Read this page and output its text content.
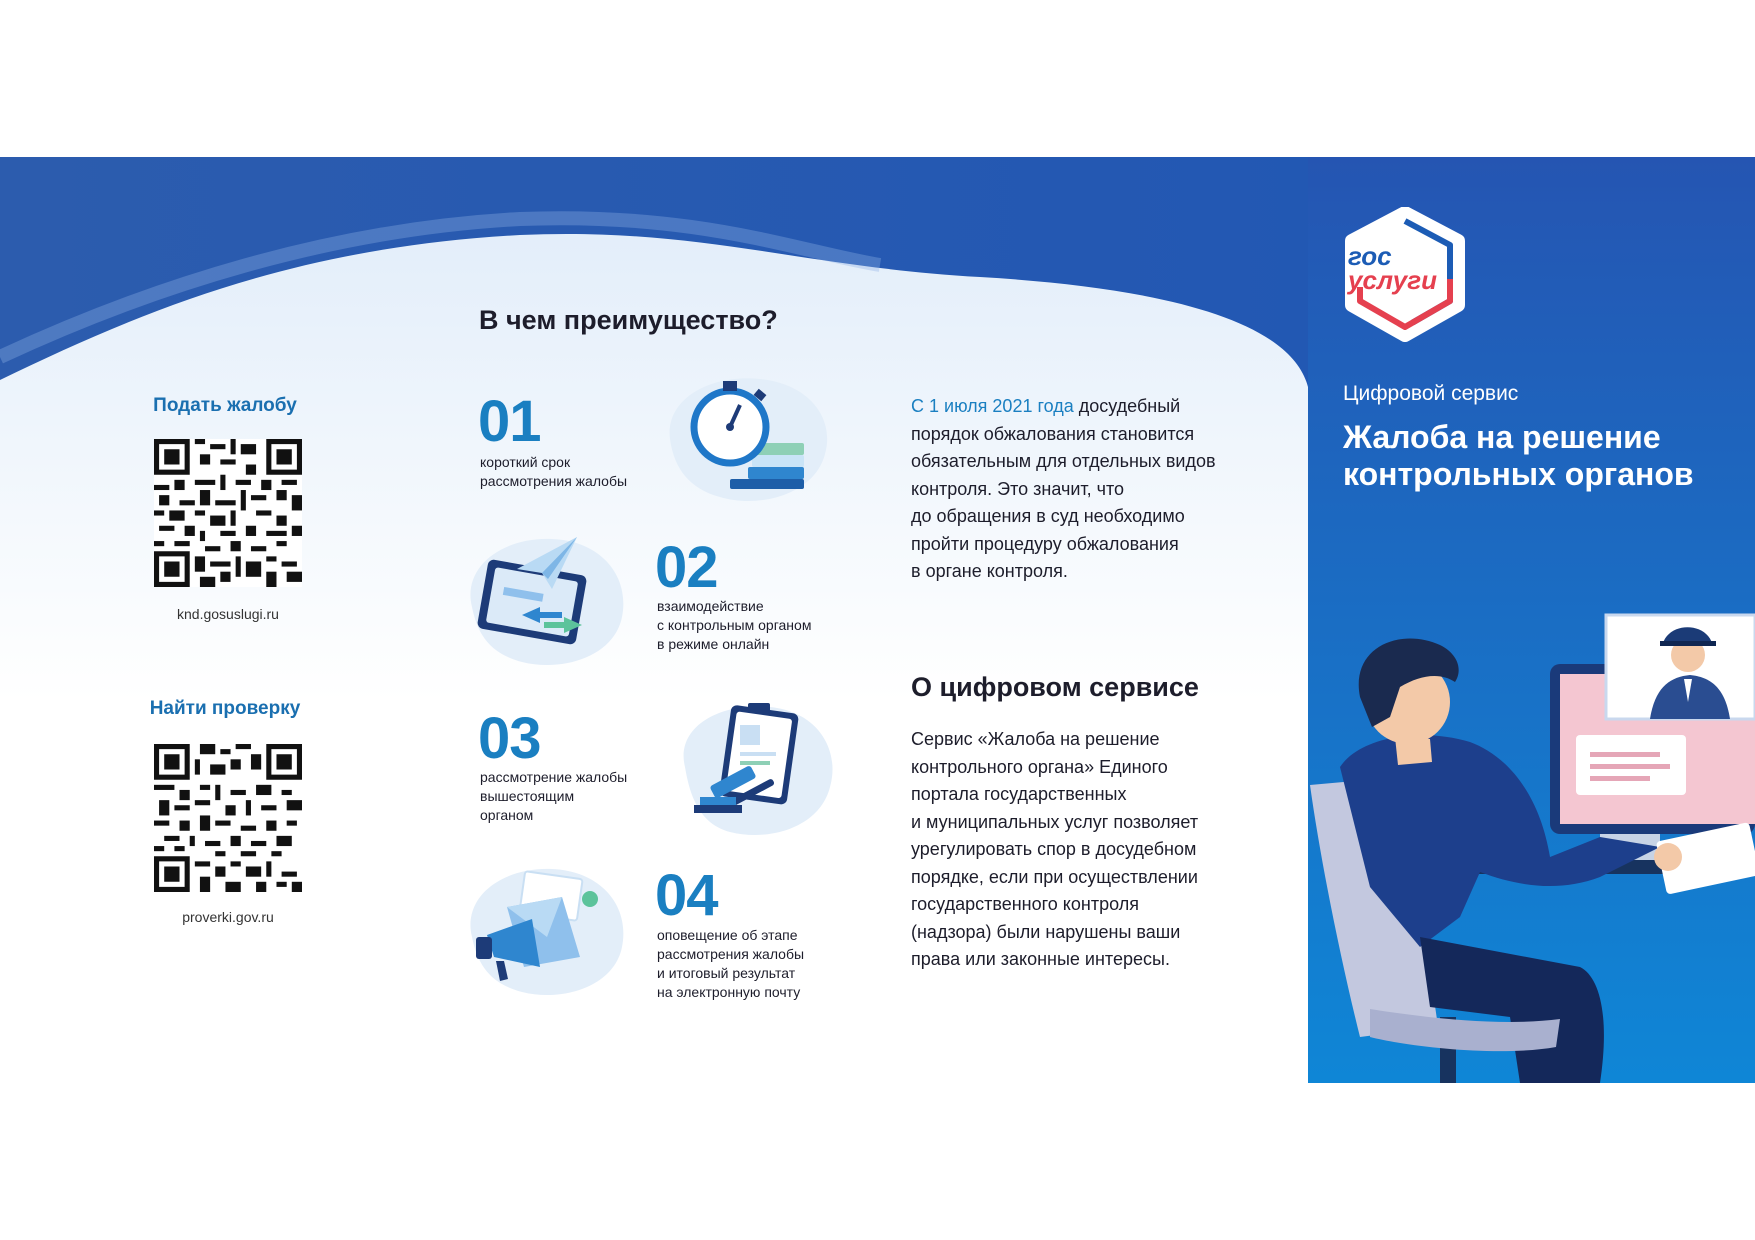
Подать жалобу
knd.gosuslugi.ru
Найти проверку
proverki.gov.ru
В чем преимущество?
01
короткий срок
рассмотрения жалобы
02
взаимодействие
с контрольным органом
в режиме онлайн
03
рассмотрение жалобы
вышестоящим
органом
04
оповещение об этапе
рассмотрения жалобы
и итоговый результат
на электронную почту
С 1 июля 2021 года досудебный
порядок обжалования становится
обязательным для отдельных видов
контроля. Это значит, что
до обращения в суд необходимо
пройти процедуру обжалования
в органе контроля.
О цифровом сервисе
Сервис «Жалоба на решение
контрольного органа» Единого
портала государственных
и муниципальных услуг позволяет
урегулировать спор в досудебном
порядке, если при осуществлении
государственного контроля
(надзора) были нарушены ваши
права или законные интересы.
гос
услуги
Цифровой сервис
Жалоба на решение
контрольных органов
